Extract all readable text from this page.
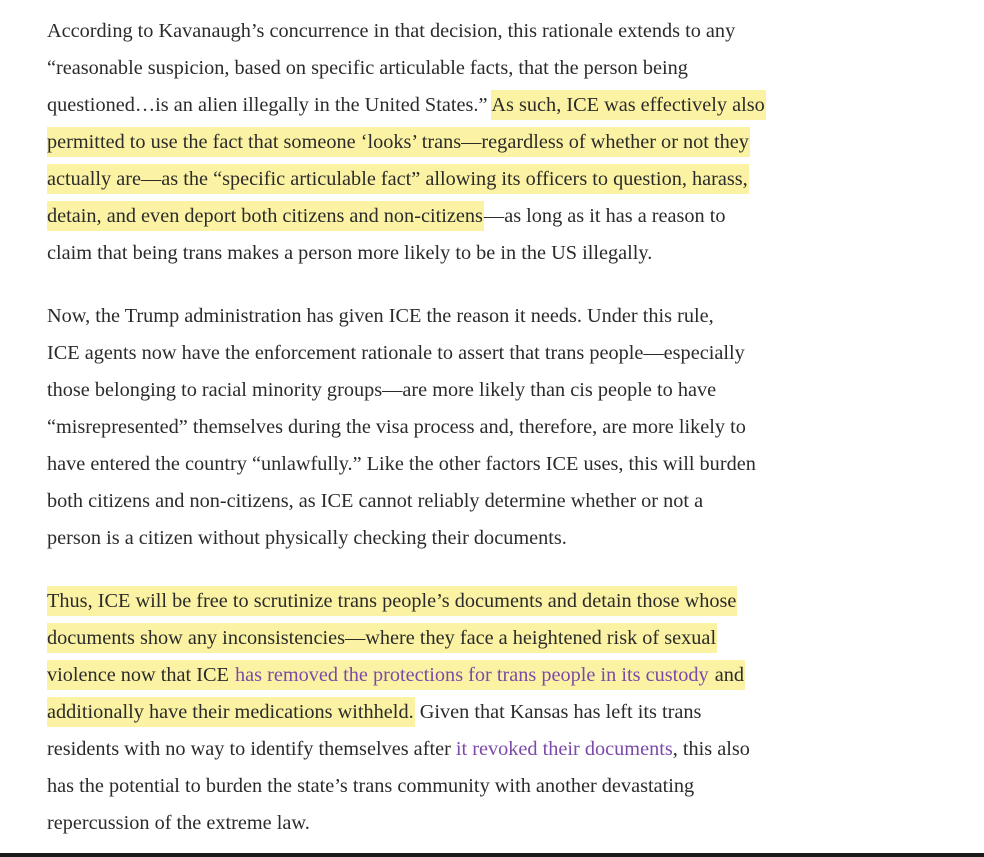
According to Kavanaugh’s concurrence in that decision, this rationale extends to any
“reasonable suspicion, based on specific articulable facts, that the person being
questioned…is an alien illegally in the United States.” As such, ICE was effectively also
permitted to use the fact that someone ‘looks’ trans—regardless of whether or not they
actually are—as the “specific articulable fact” allowing its officers to question, harass,
detain, and even deport both citizens and non-citizens—as long as it has a reason to
claim that being trans makes a person more likely to be in the US illegally.

Now, the Trump administration has given ICE the reason it needs. Under this rule,
ICE agents now have the enforcement rationale to assert that trans people—especially
those belonging to racial minority groups—are more likely than cis people to have
“misrepresented” themselves during the visa process and, therefore, are more likely to
have entered the country “unlawfully.” Like the other factors ICE uses, this will burden
both citizens and non-citizens, as ICE cannot reliably determine whether or not a
person is a citizen without physically checking their documents.

Thus, ICE will be free to scrutinize trans people’s documents and detain those whose
documents show any inconsistencies—where they face a heightened risk of sexual
violence now that ICE has removed the protections for trans people in its custody and
additionally have their medications withheld. Given that Kansas has left its trans
residents with no way to identify themselves after it revoked their documents, this also
has the potential to burden the state’s trans community with another devastating
repercussion of the extreme law.
